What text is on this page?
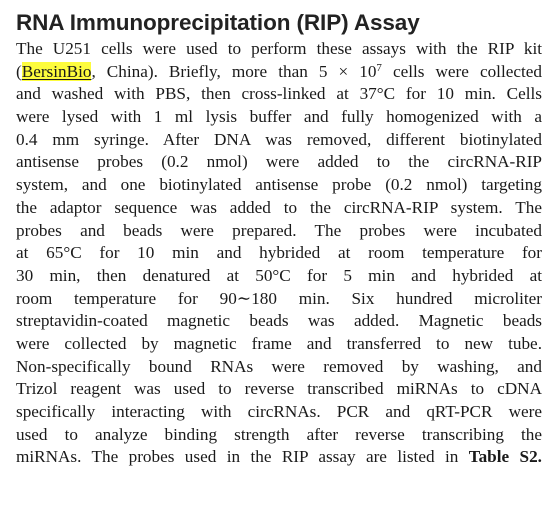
RNA Immunoprecipitation (RIP) Assay
The U251 cells were used to perform these assays with the RIP kit
(BersinBio, China). Briefly, more than $5 \times 10^7$ cells were collected
and washed with PBS, then cross-linked at 37°C for 10 min. Cells
were lysed with 1 ml lysis buffer and fully homogenized with a
0.4 mm syringe. After DNA was removed, different biotinylated
antisense probes (0.2 nmol) were added to the circRNA-RIP
system, and one biotinylated antisense probe (0.2 nmol) targeting
the adaptor sequence was added to the circRNA-RIP system. The
probes and beads were prepared. The probes were incubated
at 65°C for 10 min and hybrided at room temperature for
30 min, then denatured at 50°C for 5 min and hybrided at
room temperature for 90∼180 min. Six hundred microliter
streptavidin-coated magnetic beads was added. Magnetic beads
were collected by magnetic frame and transferred to new tube.
Non-specifically bound RNAs were removed by washing, and
Trizol reagent was used to reverse transcribed miRNAs to cDNA
specifically interacting with circRNAs. PCR and qRT-PCR were
used to analyze binding strength after reverse transcribing the
miRNAs. The probes used in the RIP assay are listed in Table S2.
